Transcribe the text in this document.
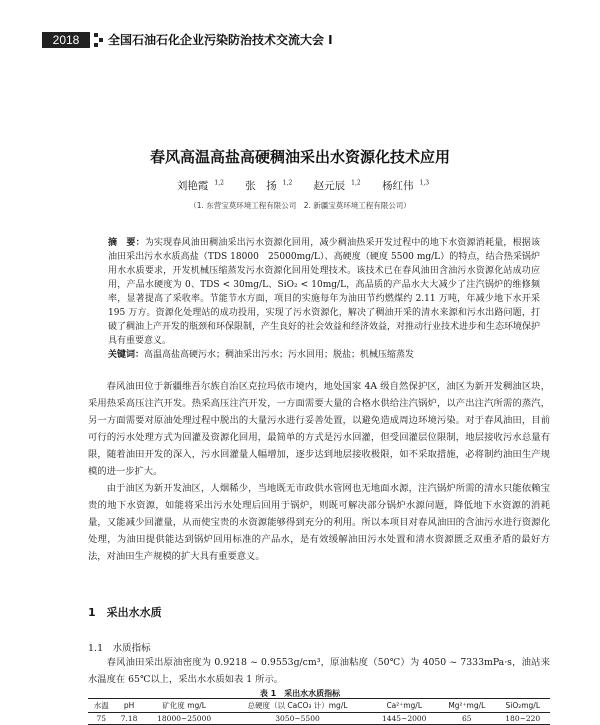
2018	全国石油石化企业污染防治技术交流大会 I
春风高温高盐高硬稠油采出水资源化技术应用
刘艳霞 $^{1,2}$ 张　扬 $^{1,2}$ 赵元辰 $^{1,2}$ 杨红伟 $^{1,3}$
（1. 东营宝莫环境工程有限公司　2. 新疆宝莫环境工程有限公司）
摘　要：为实现春风油田稠油采出污水资源化回用，减少稠油热采开发过程中的地下水资源消耗量，根据该油田采出污水水质高盐（TDS 18000　25000mg/L）、高硬度（硬度 5500 mg/L）的特点，结合热采锅炉用水水质要求，开发机械压缩蒸发污水资源化回用处理技术。该技术已在春风油田含油污水资源化站成功应用，产品水硬度为 0、TDS < 30mg/L、SiO₂ < 10mg/L，高品质的产品水大大减少了注汽锅炉的维修频率，显著提高了采收率。节能节水方面，项目的实施每年为油田节约燃煤约 2.11 万吨，年减少地下水开采 195 万方。资源化处理站的成功投用，实现了污水资源化，解决了稠油开采的清水来源和污水出路问题，打破了稠油上产开发的瓶颈和环保限制，产生良好的社会效益和经济效益，对推动行业技术进步和生态环境保护具有重要意义。
关键词：高温高盐高硬污水；稠油采出污水；污水回用；脱盐；机械压缩蒸发
春风油田位于新疆维吾尔族自治区克拉玛依市境内，地处国家 4A 级自然保护区，油区为新开发稠油区块，采用热采高压注汽开发。热采高压注汽开发，一方面需要大量的合格水供给注汽锅炉，以产出注汽所需的蒸汽，另一方面需要对原油处理过程中脱出的大量污水进行妥善处置，以避免造成周边环境污染。对于春风油田，目前可行的污水处理方式为回灌及资源化回用，最简单的方式是污水回灌，但受回灌层位限制，地层接收污水总量有限，随着油田开发的深入，污水回灌量人幅增加，逐步达到地层接收极限，如不采取措施，必将制约油田生产规模的进一步扩大。
由于油区为新开发油区，人烟稀少，当地既无市政供水管网也无地面水源，注汽锅炉所需的清水只能依赖宝贵的地下水资源，如能将采出污水处理后回用于锅炉，则既可解决部分锅炉水源问题，降低地下水资源的消耗量，又能减少回灌量，从而使宝贵的水资源能够得到充分的利用。所以本项目对春风油田的含油污水进行资源化处理，为油田提供能达到锅炉回用标准的产品水，是有效缓解油田污水处置和清水资源匮乏双重矛盾的最好方法，对油田生产规模的扩大具有重要意义。
1　采出水水质
1.1　水质指标
春风油田采出原油密度为 0.9218 ~ 0.9553g/cm³，原油粘度（50℃）为 4050 ~ 7333mPa·s，油站来水温度在 65℃以上，采出水水质如表 1 所示。
表 1　采出水水质指标
水温	pH	矿化度 mg/L	总硬度（以 CaCO₃ 计）mg/L	Ca²⁺mg/L	Mg²⁺mg/L	SiO₂mg/L
75	7.18	18000~25000	3050~5500	1445~2000	65	180~220
